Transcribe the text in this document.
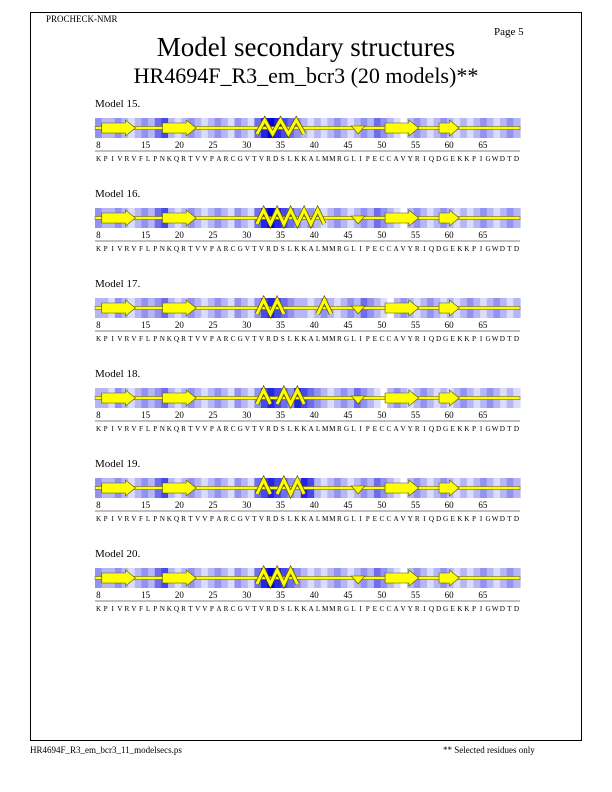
PROCHECK-NMR
Page 5
Model secondary structures
HR4694F_R3_em_bcr3 (20 models)**
Model 15.
8	15	20	25	30	35	40	45	50	55	60	65
K P I V R V F L P N K Q R T V V P A R C G V T V R D S L K K A L M M R G L I P E C C A V Y R I Q D G E K K P I G W D T D
Model 16.
8	15	20	25	30	35	40	45	50	55	60	65
K P I V R V F L P N K Q R T V V P A R C G V T V R D S L K K A L M M R G L I P E C C A V Y R I Q D G E K K P I G W D T D
Model 17.
8	15	20	25	30	35	40	45	50	55	60	65
K P I V R V F L P N K Q R T V V P A R C G V T V R D S L K K A L M M R G L I P E C C A V Y R I Q D G E K K P I G W D T D
Model 18.
8	15	20	25	30	35	40	45	50	55	60	65
K P I V R V F L P N K Q R T V V P A R C G V T V R D S L K K A L M M R G L I P E C C A V Y R I Q D G E K K P I G W D T D
Model 19.
8	15	20	25	30	35	40	45	50	55	60	65
K P I V R V F L P N K Q R T V V P A R C G V T V R D S L K K A L M M R G L I P E C C A V Y R I Q D G E K K P I G W D T D
Model 20.
8	15	20	25	30	35	40	45	50	55	60	65
K P I V R V F L P N K Q R T V V P A R C G V T V R D S L K K A L M M R G L I P E C C A V Y R I Q D G E K K P I G W D T D
HR4694F_R3_em_bcr3_11_modelsecs.ps	** Selected residues only
